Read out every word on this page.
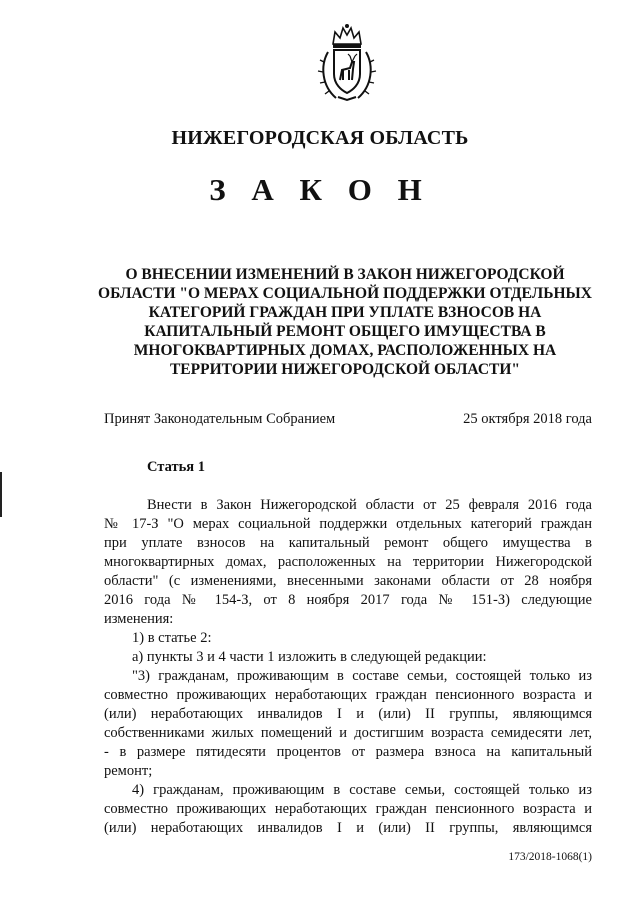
НИЖЕГОРОДСКАЯ ОБЛАСТЬ
З А К О Н
О ВНЕСЕНИИ ИЗМЕНЕНИЙ В ЗАКОН НИЖЕГОРОДСКОЙ
ОБЛАСТИ "О МЕРАХ СОЦИАЛЬНОЙ ПОДДЕРЖКИ ОТДЕЛЬНЫХ
КАТЕГОРИЙ ГРАЖДАН ПРИ УПЛАТЕ ВЗНОСОВ НА
КАПИТАЛЬНЫЙ РЕМОНТ ОБЩЕГО ИМУЩЕСТВА В
МНОГОКВАРТИРНЫХ ДОМАХ, РАСПОЛОЖЕННЫХ НА
ТЕРРИТОРИИ НИЖЕГОРОДСКОЙ ОБЛАСТИ"
Принят Законодательным Собранием	25 октября 2018 года
Статья 1
Внести в Закон Нижегородской области от 25 февраля 2016 года
№ 17-З "О мерах социальной поддержки отдельных категорий граждан
при уплате взносов на капитальный ремонт общего имущества в
многоквартирных домах, расположенных на территории Нижегородской
области" (с изменениями, внесенными законами области от 28 ноября
2016 года № 154-З, от 8 ноября 2017 года № 151-З) следующие
изменения:
1) в статье 2:
а) пункты 3 и 4 части 1 изложить в следующей редакции:
"3) гражданам, проживающим в составе семьи, состоящей только из
совместно проживающих неработающих граждан пенсионного возраста и
(или) неработающих инвалидов I и (или) II группы, являющимся
собственниками жилых помещений и достигшим возраста семидесяти лет,
- в размере пятидесяти процентов от размера взноса на капитальный
ремонт;
4) гражданам, проживающим в составе семьи, состоящей только из
совместно проживающих неработающих граждан пенсионного возраста и
(или) неработающих инвалидов I и (или) II группы, являющимся
173/2018-1068(1)
